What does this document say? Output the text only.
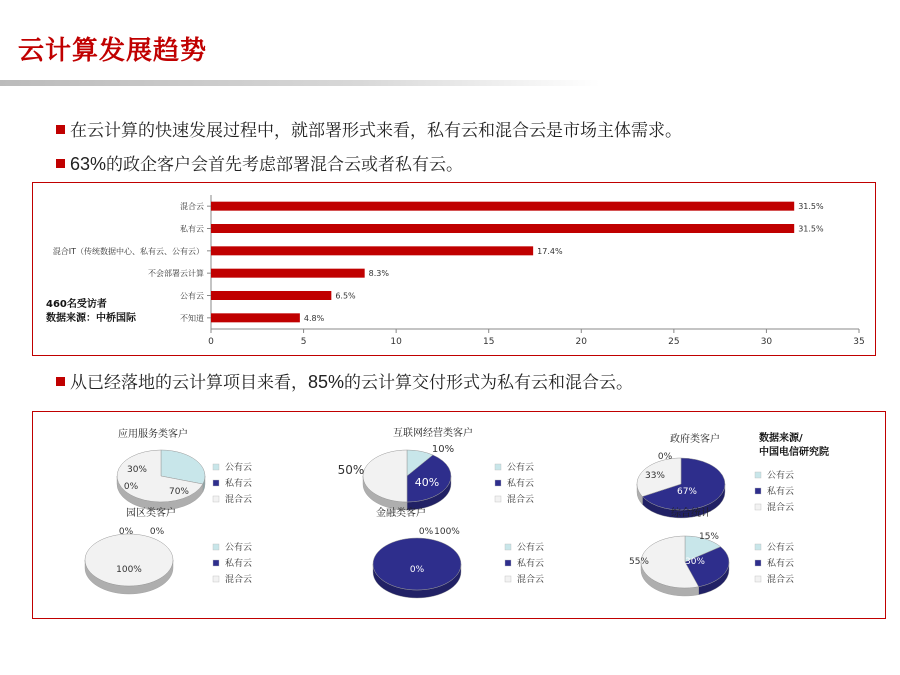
云计算发展趋势
在云计算的快速发展过程中，就部署形式来看，私有云和混合云是市场主体需求。
63%的政企客户会首先考虑部署混合云或者私有云。
0	5	10	15	20	25	30	35
混合云	31.5%
私有云	31.5%
混合IT（传统数据中心、私有云、公有云）	17.4%
不会部署云计算	8.3%
公有云	6.5%
不知道	4.8%
460名受访者
数据来源：中桥国际
从已经落地的云计算项目来看，85%的云计算交付形式为私有云和混合云。
应用服务类客户
30%
0%	70%
公有云
私有云
混合云
互联网经营类客户
10%
40%
50%	公有云
私有云
混合云
政府类客户
0%
67%
33%	公有云
私有云
混合云
园区类客户
0% 0%
100%
公有云
私有云
混合云
金融类客户
0% 100%
0%
公有云
私有云
混合云
综合统计
15%
30%
55%
公有云
私有云
混合云
数据来源/
中国电信研究院
